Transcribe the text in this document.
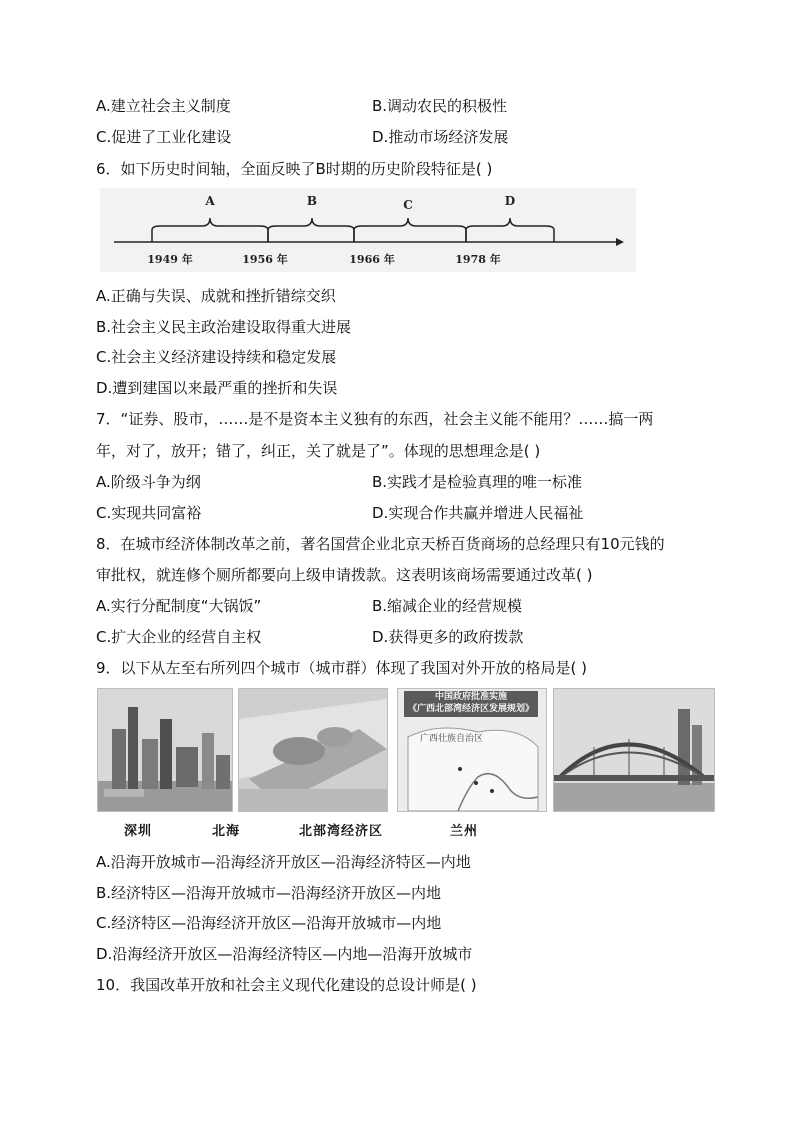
A.建立社会主义制度	B.调动农民的积极性
C.促进了工业化建设	D.推动市场经济发展
6．如下历史时间轴，全面反映了B时期的历史阶段特征是( )
A	B	C	D
1949 年	1956 年	1966 年	1978 年
A.正确与失误、成就和挫折错综交织
B.社会主义民主政治建设取得重大进展
C.社会主义经济建设持续和稳定发展
D.遭到建国以来最严重的挫折和失误
7．“证券、股市，……是不是资本主义独有的东西，社会主义能不能用？……搞一两
年，对了，放开；错了，纠正，关了就是了”。体现的思想理念是( )
A.阶级斗争为纲	B.实践才是检验真理的唯一标准
C.实现共同富裕	D.实现合作共赢并增进人民福祉
8．在城市经济体制改革之前，著名国营企业北京天桥百货商场的总经理只有10元钱的
审批权，就连修个厕所都要向上级申请拨款。这表明该商场需要通过改革( )
A.实行分配制度“大锅饭”	B.缩减企业的经营规模
C.扩大企业的经营自主权	D.获得更多的政府拨款
9．以下从左至右所列四个城市（城市群）体现了我国对外开放的格局是( )
中国政府批准实施
《广西北部湾经济区发展规划》
广西壮族自治区
深圳	北海	北部湾经济区	兰州
A.沿海开放城市—沿海经济开放区—沿海经济特区—内地
B.经济特区—沿海开放城市—沿海经济开放区—内地
C.经济特区—沿海经济开放区—沿海开放城市—内地
D.沿海经济开放区—沿海经济特区—内地—沿海开放城市
10．我国改革开放和社会主义现代化建设的总设计师是( )
